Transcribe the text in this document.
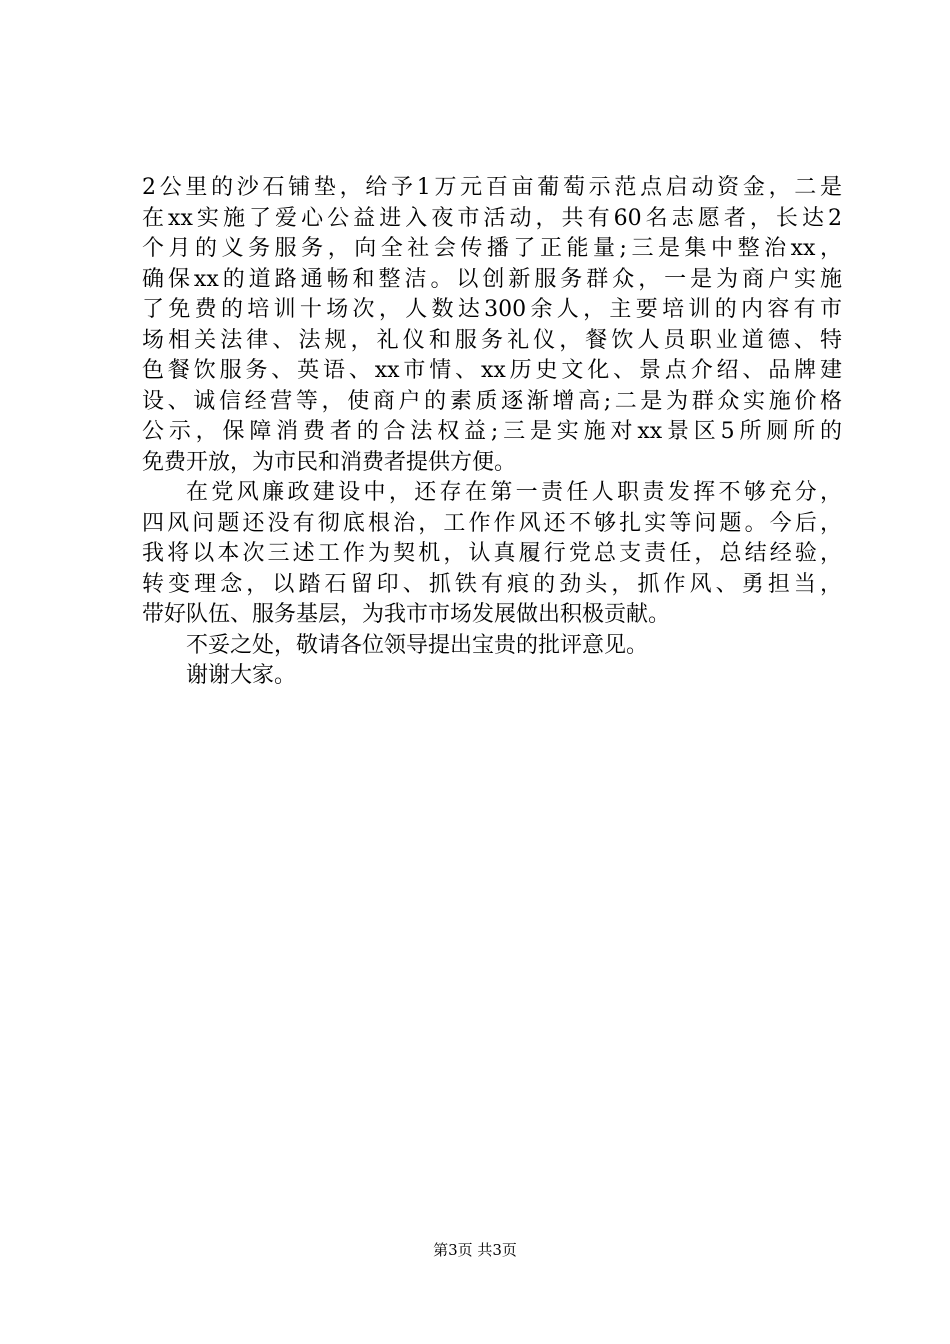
2公里的沙石铺垫，给予1万元百亩葡萄示范点启动资金，二是
在xx实施了爱心公益进入夜市活动，共有60名志愿者，长达2
个月的义务服务，向全社会传播了正能量;三是集中整治xx，
确保xx的道路通畅和整洁。以创新服务群众，一是为商户实施
了免费的培训十场次，人数达300余人，主要培训的内容有市
场相关法律、法规，礼仪和服务礼仪，餐饮人员职业道德、特
色餐饮服务、英语、xx市情、xx历史文化、景点介绍、品牌建
设、诚信经营等，使商户的素质逐渐增高;二是为群众实施价格
公示，保障消费者的合法权益;三是实施对xx景区5所厕所的
免费开放，为市民和消费者提供方便。
在党风廉政建设中，还存在第一责任人职责发挥不够充分，
四风问题还没有彻底根治，工作作风还不够扎实等问题。今后，
我将以本次三述工作为契机，认真履行党总支责任，总结经验，
转变理念，以踏石留印、抓铁有痕的劲头，抓作风、勇担当，
带好队伍、服务基层，为我市市场发展做出积极贡献。
不妥之处，敬请各位领导提出宝贵的批评意见。
谢谢大家。
第3页 共3页
